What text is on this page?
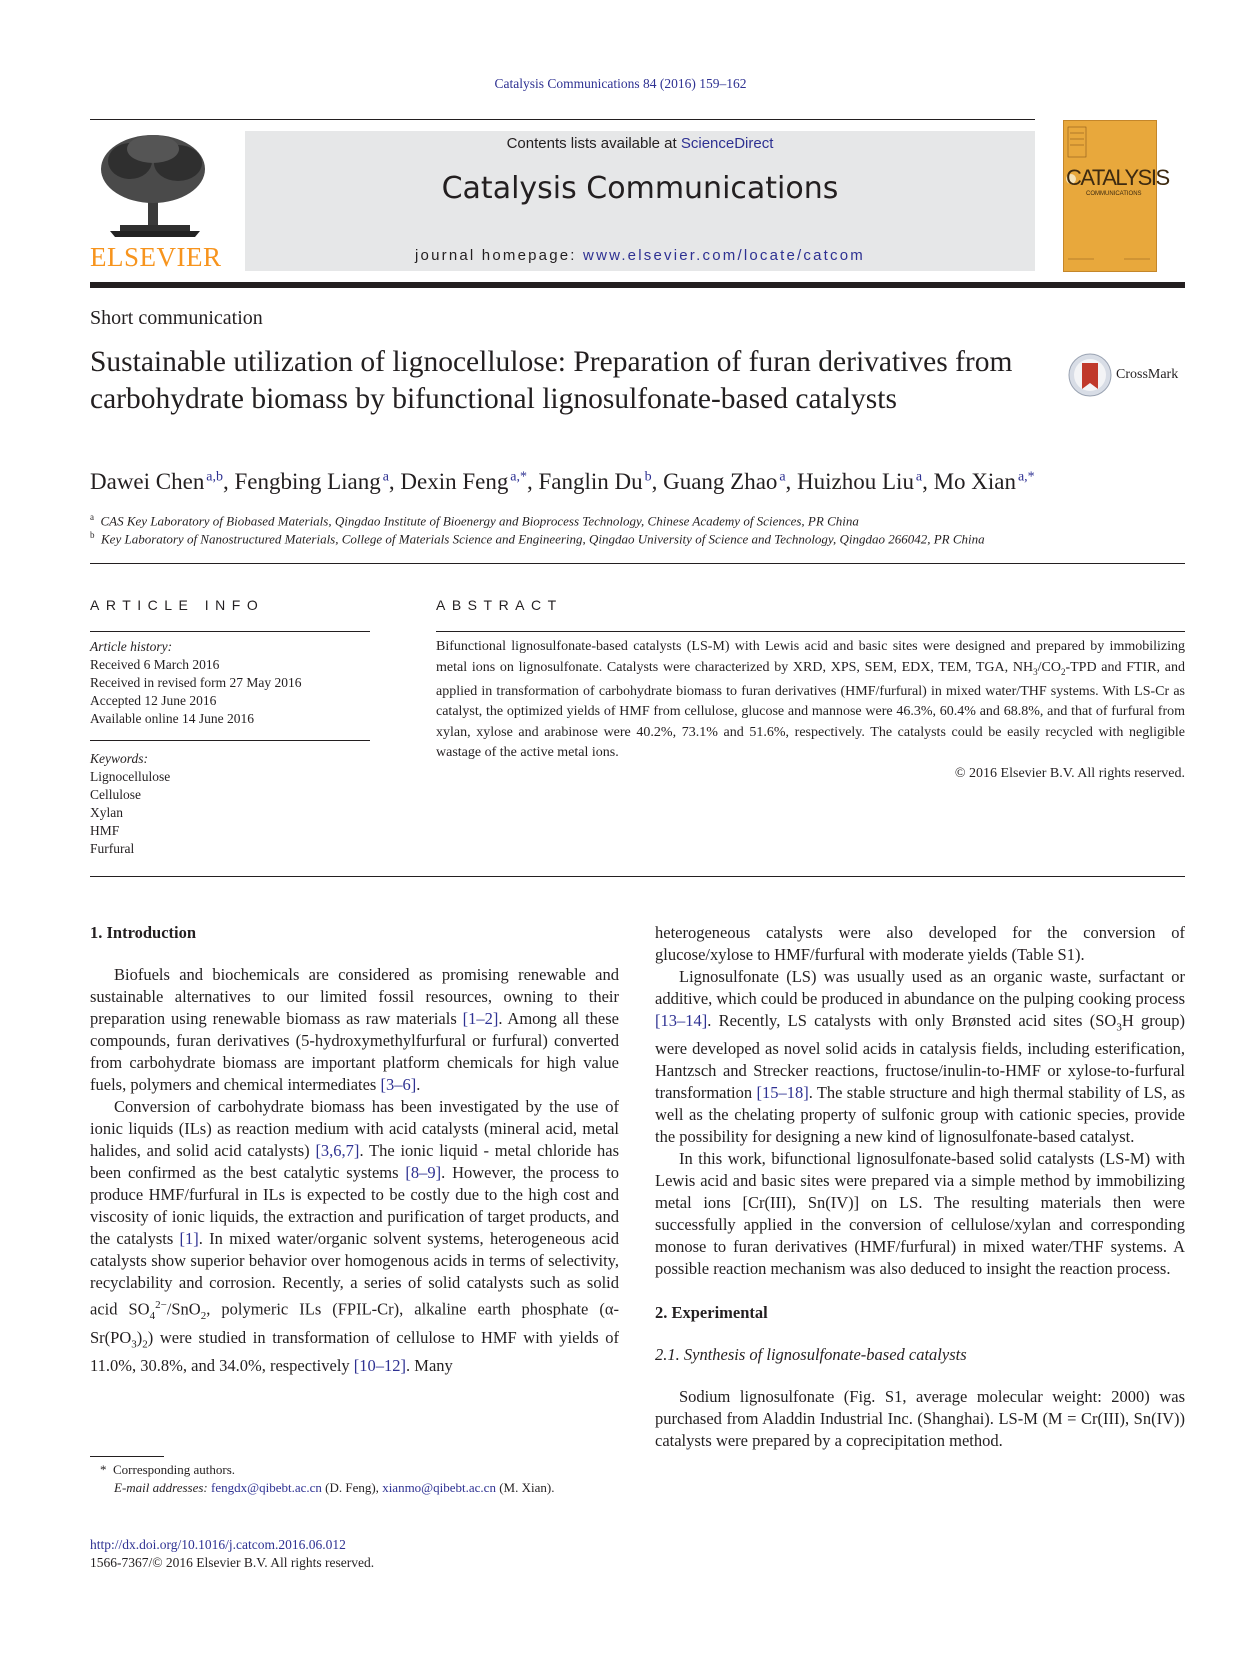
Catalysis Communications 84 (2016) 159–162
ELSEVIER
Contents lists available at ScienceDirect
Catalysis Communications
journal homepage: www.elsevier.com/locate/catcom
CATALYSIS
COMMUNICATIONS
Short communication
Sustainable utilization of lignocellulose: Preparation of furan derivatives from carbohydrate biomass by bifunctional lignosulfonate-based catalysts
CrossMark
Dawei Chen  $^{a,b}$, Fengbing Liang  $^a$, Dexin Feng  $^{a,*}$, Fanglin Du  $^b$, Guang Zhao  $^a$, Huizhou Liu  $^a$, Mo Xian  $^{a,*}$
$^a$ CAS Key Laboratory of Biobased Materials, Qingdao Institute of Bioenergy and Bioprocess Technology, Chinese Academy of Sciences, PR China
$^b$ Key Laboratory of Nanostructured Materials, College of Materials Science and Engineering, Qingdao University of Science and Technology, Qingdao 266042, PR China
ARTICLE INFO
Article history:
Received 6 March 2016
Received in revised form 27 May 2016
Accepted 12 June 2016
Available online 14 June 2016
Keywords:
Lignocellulose
Cellulose
Xylan
HMF
Furfural
ABSTRACT
Bifunctional lignosulfonate-based catalysts (LS-M) with Lewis acid and basic sites were designed and prepared by immobilizing metal ions on lignosulfonate. Catalysts were characterized by XRD, XPS, SEM, EDX, TEM, TGA, $NH_3/CO_2$-TPD and FTIR, and applied in transformation of carbohydrate biomass to furan derivatives (HMF/furfural) in mixed water/THF systems. With LS-Cr as catalyst, the optimized yields of HMF from cellulose, glucose and mannose were 46.3%, 60.4% and 68.8%, and that of furfural from xylan, xylose and arabinose were 40.2%, 73.1% and 51.6%, respectively. The catalysts could be easily recycled with negligible wastage of the active metal ions.
© 2016 Elsevier B.V. All rights reserved.
1. Introduction

Biofuels and biochemicals are considered as promising renewable and sustainable alternatives to our limited fossil resources, owning to their preparation using renewable biomass as raw materials [1–2]. Among all these compounds, furan derivatives (5-hydroxymethylfurfural or furfural) converted from carbohydrate biomass are important platform chemicals for high value fuels, polymers and chemical intermediates [3–6].

Conversion of carbohydrate biomass has been investigated by the use of ionic liquids (ILs) as reaction medium with acid catalysts (mineral acid, metal halides, and solid acid catalysts) [3,6,7]. The ionic liquid - metal chloride has been confirmed as the best catalytic systems [8–9]. However, the process to produce HMF/furfural in ILs is expected to be costly due to the high cost and viscosity of ionic liquids, the extraction and purification of target products, and the catalysts [1]. In mixed water/organic solvent systems, heterogeneous acid catalysts show superior behavior over homogenous acids in terms of selectivity, recyclability and corrosion. Recently, a series of solid catalysts such as solid acid $SO_4^{2-}/SnO_2$, polymeric ILs (FPIL-Cr), alkaline earth phosphate $(\alpha-Sr(PO_3)_2)$ were studied in transformation of cellulose to HMF with yields of 11.0%, 30.8%, and 34.0%, respectively [10–12]. Many

heterogeneous catalysts were also developed for the conversion of glucose/xylose to HMF/furfural with moderate yields (Table S1).

Lignosulfonate (LS) was usually used as an organic waste, surfactant or additive, which could be produced in abundance on the pulping cooking process [13–14]. Recently, LS catalysts with only Brønsted acid sites ($SO_3H$ group) were developed as novel solid acids in catalysis fields, including esterification, Hantzsch and Strecker reactions, fructose/inulin-to-HMF or xylose-to-furfural transformation [15–18]. The stable structure and high thermal stability of LS, as well as the chelating property of sulfonic group with cationic species, provide the possibility for designing a new kind of lignosulfonate-based catalyst.

In this work, bifunctional lignosulfonate-based solid catalysts (LS-M) with Lewis acid and basic sites were prepared via a simple method by immobilizing metal ions [Cr(III), Sn(IV)] on LS. The resulting materials then were successfully applied in the conversion of cellulose/xylan and corresponding monose to furan derivatives (HMF/furfural) in mixed water/THF systems. A possible reaction mechanism was also deduced to insight the reaction process.

2. Experimental
2.1. Synthesis of lignosulfonate-based catalysts

Sodium lignosulfonate (Fig. S1, average molecular weight: 2000) was purchased from Aladdin Industrial Inc. (Shanghai). LS-M (M = Cr(III), Sn(IV)) catalysts were prepared by a coprecipitation method.

* Corresponding authors.
E-mail addresses: fengdx@qibebt.ac.cn (D. Feng), xianmo@qibebt.ac.cn (M. Xian).
http://dx.doi.org/10.1016/j.catcom.2016.06.012
1566-7367/© 2016 Elsevier B.V. All rights reserved.
